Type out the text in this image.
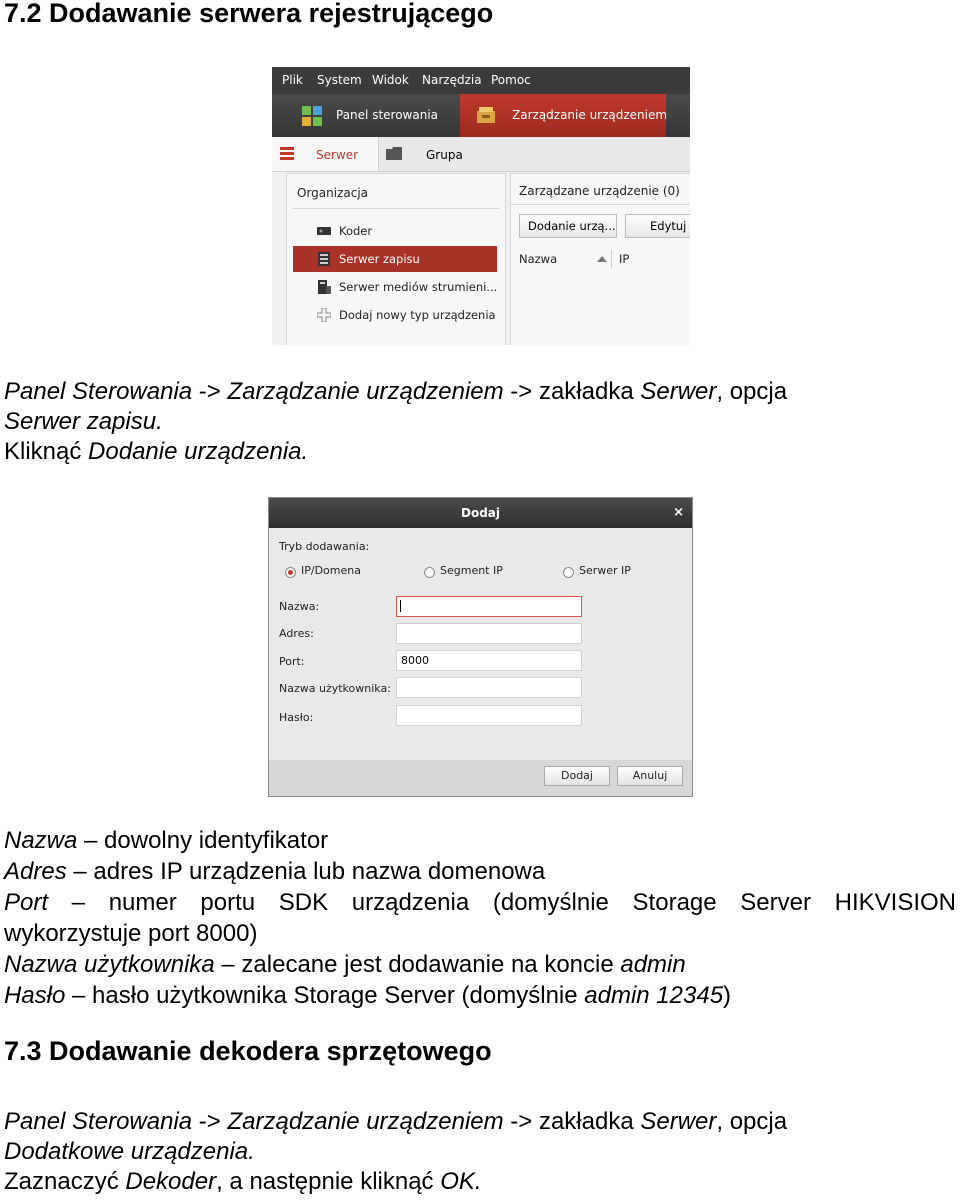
7.2 Dodawanie serwera rejestrującego
Plik System Widok Narzędzia Pomoc
Panel sterowania	Zarządzanie urządzeniem
Serwer	Grupa
Organizacja
Koder
Serwer zapisu
Serwer mediów strumieni...
Dodaj nowy typ urządzenia
Zarządzane urządzenie (0)
Dodanie urzą...	Edytuj
Nazwa	IP
Panel Sterowania -> Zarządzanie urządzeniem -> zakładka Serwer, opcja
Serwer zapisu.
Kliknąć Dodanie urządzenia.
Dodaj	×
Tryb dodawania:
IP/Domena	Segment IP	Serwer IP
Nazwa:
Adres:
Port:	8000
Nazwa użytkownika:
Hasło:
Dodaj	Anuluj
Nazwa – dowolny identyfikator
Adres – adres IP urządzenia lub nazwa domenowa
Port – numer portu SDK urządzenia (domyślnie Storage Server HIKVISION
wykorzystuje port 8000)
Nazwa użytkownika – zalecane jest dodawanie na koncie admin
Hasło – hasło użytkownika Storage Server (domyślnie admin 12345)
7.3 Dodawanie dekodera sprzętowego
Panel Sterowania -> Zarządzanie urządzeniem -> zakładka Serwer, opcja
Dodatkowe urządzenia.
Zaznaczyć Dekoder, a następnie kliknąć OK.
